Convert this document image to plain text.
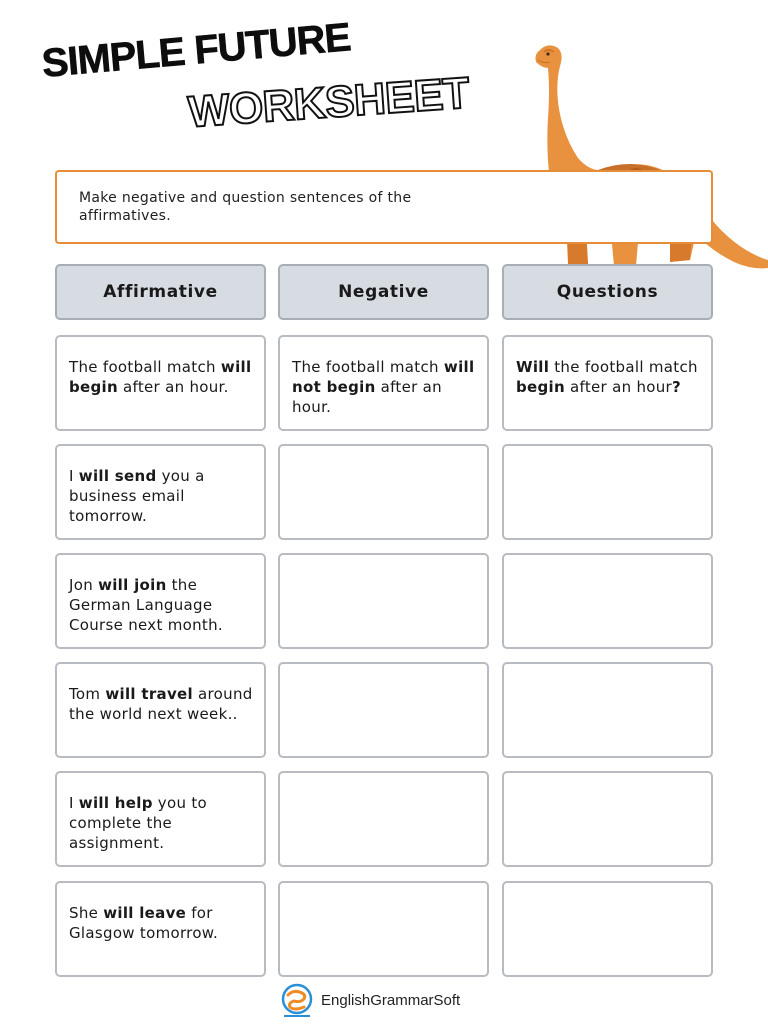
SIMPLE FUTURE
WORKSHEET
Make negative and question sentences of the affirmatives.
Affirmative	Negative	Questions
The football match will begin after an hour.
The football match will not begin after an hour.
Will the football match begin after an hour?
I will send you a business email tomorrow.
Jon will join the German Language Course next month.
Tom will travel around the world next week..
I will help you to complete the assignment.
She will leave for Glasgow tomorrow.
EnglishGrammarSoft
